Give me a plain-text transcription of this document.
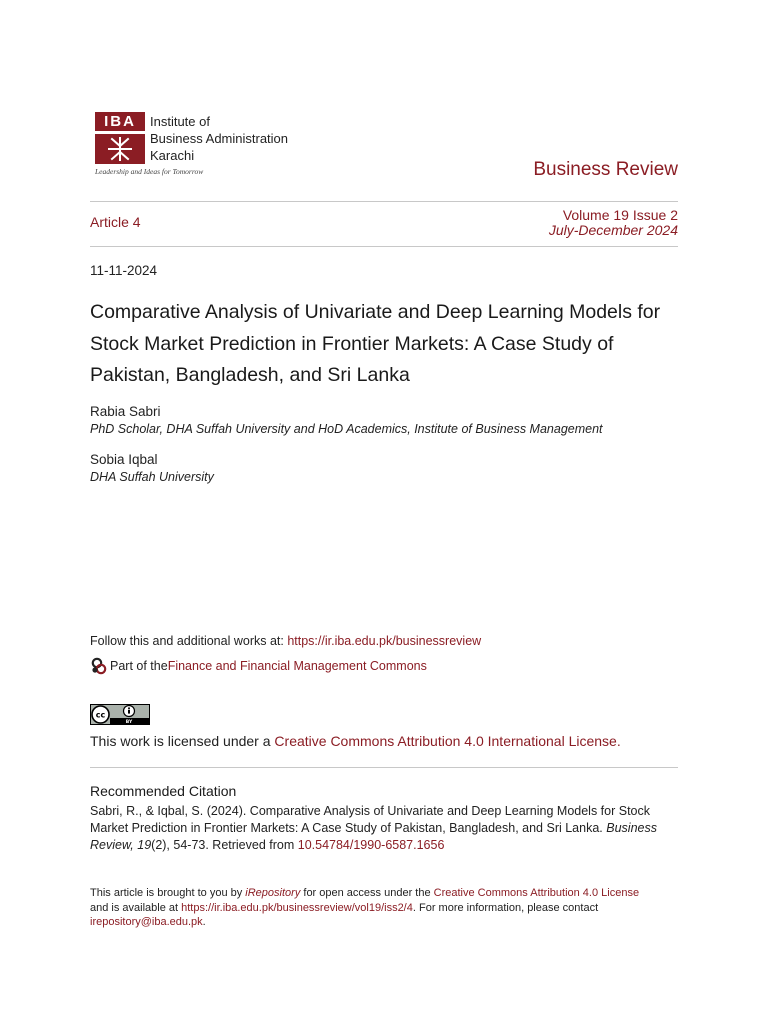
IBA	Institute of
Business Administration
Karachi
Leadership and Ideas for Tomorrow	Business Review
Article 4	Volume 19 Issue 2
July-December 2024
11-11-2024
Comparative Analysis of Univariate and Deep Learning Models for Stock Market Prediction in Frontier Markets: A Case Study of Pakistan, Bangladesh, and Sri Lanka
Rabia Sabri
PhD Scholar, DHA Suffah University and HoD Academics, Institute of Business Management
Sobia Iqbal
DHA Suffah University
Follow this and additional works at: https://ir.iba.edu.pk/businessreview
Part of the Finance and Financial Management Commons
cc
BY
This work is licensed under a Creative Commons Attribution 4.0 International License.
Recommended Citation
Sabri, R., & Iqbal, S. (2024). Comparative Analysis of Univariate and Deep Learning Models for Stock Market Prediction in Frontier Markets: A Case Study of Pakistan, Bangladesh, and Sri Lanka. Business Review, 19(2), 54-73. Retrieved from 10.54784/1990-6587.1656
This article is brought to you by iRepository for open access under the Creative Commons Attribution 4.0 License
and is available at https://ir.iba.edu.pk/businessreview/vol19/iss2/4. For more information, please contact
irepository@iba.edu.pk.
